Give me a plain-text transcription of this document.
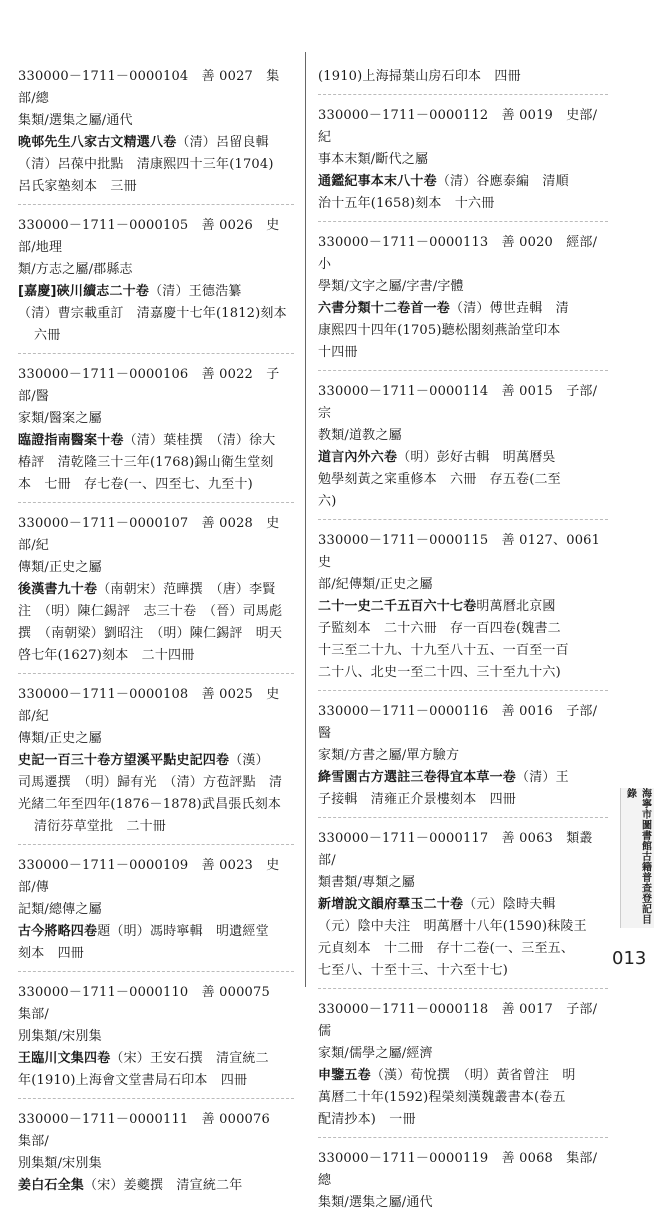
330000－1711－0000104　善 0027　集部/總

集類/選集之屬/通代

晚邨先生八家古文精選八卷（清）呂留良輯

（清）呂葆中批點　清康熙四十三年(1704)

呂氏家塾刻本　三冊

330000－1711－0000105　善 0026　史部/地理

類/方志之屬/郡縣志

[嘉慶]硤川續志二十卷（清）王德浩纂

（清）曹宗載重訂　清嘉慶十七年(1812)刻本

六冊

330000－1711－0000106　善 0022　子部/醫

家類/醫案之屬

臨證指南醫案十卷（清）葉桂撰　（清）徐大

椿評　清乾隆三十三年(1768)錫山衛生堂刻

本　七冊　存七卷(一、四至七、九至十)

330000－1711－0000107　善 0028　史部/紀

傳類/正史之屬

後漢書九十卷（南朝宋）范曄撰　（唐）李賢

注　（明）陳仁錫評　志三十卷　（晉）司馬彪

撰　（南朝梁）劉昭注　（明）陳仁錫評　明天

啓七年(1627)刻本　二十四冊

330000－1711－0000108　善 0025　史部/紀

傳類/正史之屬

史記一百三十卷方望溪平點史記四卷（漢）

司馬遷撰　（明）歸有光　（清）方苞評點　清

光緒二年至四年(1876－1878)武昌張氏刻本

清衍芬草堂批　二十冊

330000－1711－0000109　善 0023　史部/傳

記類/總傳之屬

古今將略四卷題（明）馮時寧輯　明遺經堂

刻本　四冊

330000－1711－0000110　善 000075　集部/

別集類/宋別集

王臨川文集四卷（宋）王安石撰　清宣統二

年(1910)上海會文堂書局石印本　四冊

330000－1711－0000111　善 000076　集部/

別集類/宋別集

姜白石全集（宋）姜夔撰　清宣統二年

(1910)上海掃葉山房石印本　四冊

330000－1711－0000112　善 0019　史部/紀

事本末類/斷代之屬

通鑑紀事本末八十卷（清）谷應泰編　清順

治十五年(1658)刻本　十六冊

330000－1711－0000113　善 0020　經部/小

學類/文字之屬/字書/字體

六書分類十二卷首一卷（清）傅世垚輯　清

康熙四十四年(1705)聽松閣刻燕詒堂印本

十四冊

330000－1711－0000114　善 0015　子部/宗

教類/道教之屬

道言內外六卷（明）彭好古輯　明萬曆吳

勉學刻黃之寀重修本　六冊　存五卷(二至

六)

330000－1711－0000115　善 0127、0061　史

部/紀傳類/正史之屬

二十一史二千五百六十七卷明萬曆北京國

子監刻本　二十六冊　存一百四卷(魏書二

十三至二十九、十九至八十五、一百至一百

二十八、北史一至二十四、三十至九十六)

330000－1711－0000116　善 0016　子部/醫

家類/方書之屬/單方驗方

絳雪園古方選註三卷得宜本草一卷（清）王

子接輯　清雍正介景樓刻本　四冊

330000－1711－0000117　善 0063　類叢部/

類書類/專類之屬

新增說文韻府羣玉二十卷（元）陰時夫輯

（元）陰中夫注　明萬曆十八年(1590)秣陵王

元貞刻本　十二冊　存十二卷(一、三至五、

七至八、十至十三、十六至十七)

330000－1711－0000118　善 0017　子部/儒

家類/儒學之屬/經濟

申鑒五卷（漢）荀悅撰　（明）黃省曾注　明

萬曆二十年(1592)程榮刻漢魏叢書本(卷五

配清抄本)　一冊

330000－1711－0000119　善 0068　集部/總

集類/選集之屬/通代

海寧市圖書館古籍普查登記目錄
013
